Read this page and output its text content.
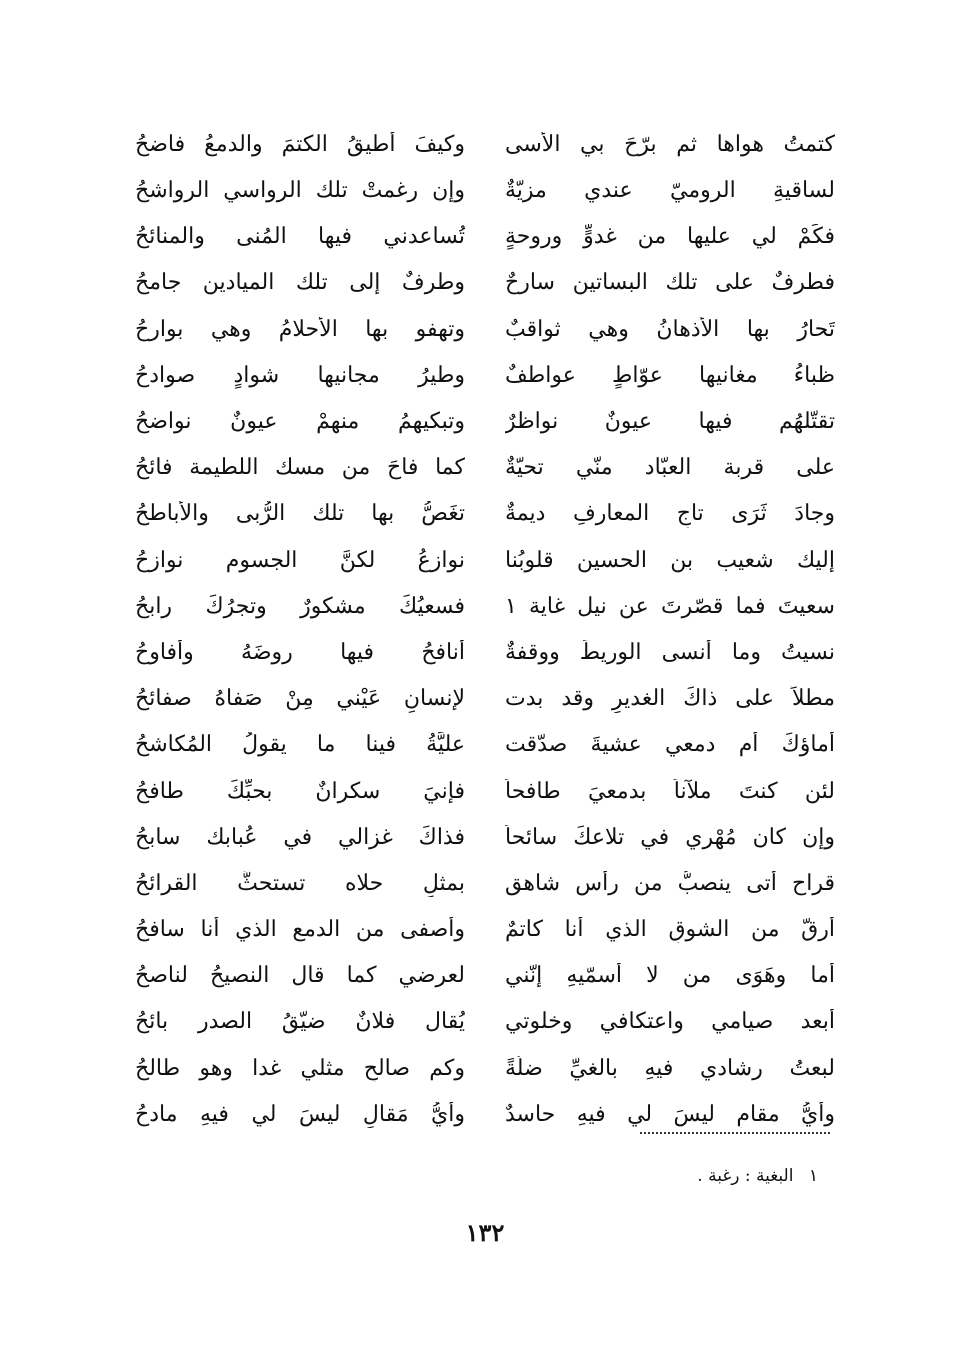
كتمتُ هواها ثم برّحَ بي الأسى
وكيفَ أطيقُ الكتمَ والدمعُ فاضحُ
لساقيةِ الروميّ عندي مزيّةٌ
وإن رغمتْ تلك الرواسي الرواشحُ
فكَمْ لي عليها من غدوٍّ وروحةٍ
تُساعدني فيها المُنى والمنائحُ
فطرفٌ على تلك البساتين سارحٌ
وطرفٌ إلى تلك الميادين جامحُ
تَحارُ بها الأذهانُ وهي ثواقبٌ
وتهفو بها الأحلامُ وهي بوارحُ
ظباءُ مغانيها عوّاطٍ عواطفٌ
وطيرُ مجانيها شوادٍ صوادحُ
تقتّلهُم فيها عيونٌ نواظرٌ
وتبكيهمُ منهمْ عيونٌ نواضحُ
على قربة العبّاد منّي تحيّةٌ
كما فاحَ من مسك اللطيمة فائحُ
وجادَ ثَرَى تاجِ المعارفِ ديمةٌ
تغَصُّ بها تلك الرُّبى والأباطحُ
إليك شعيب بن الحسين قلوبُنا
نوازعُ لكنَّ الجسوم نوازحُ
سعيتَ فما قصّرتَ عن نيل غاية ١
فسعيُكَ مشكورٌ وتجرُكَ رابحُ
نسيتُ وما أنسى الوريطَ ووقفةٌ
أنافحُ فيها روضَهُ وأفاوحُ
مطلاً على ذاكَ الغديرِ وقد بدت
لإنسانِ عَيْني مِنْ صَفاهُ صفائحُ
أماؤكَ أم دمعي عشيةَ صدّقت
عليَّةُ فينا ما يقولُ المُكاشحُ
لئن كنتَ ملآناً بدمعيَ طافحاً
فإنيَ سكرانٌ بحبِّكَ طافحُ
وإن كان مُهْري في تلاعكَ سائحاً
فذاكَ غزالي في عُبابك سابحُ
قراح أتى ينصبُّ من رأس شاهق
بمثلِ حلاه تستحثُّ القرائحُ
أرقّ من الشوقِ الذي أنا كاتمٌ
وأصفى من الدمع الذي أنا سافحُ
أما وهَوَى من لا أسمّيهِ إنّني
لعرضي كما قال النصيحُ لناصحُ
أبعد صيامي واعتكافي وخلوتي
يُقال فلانٌ ضيّقُ الصدر بائحُ
لبعتُ رشادي فيهِ بالغيِّ ضلّةً
وكم صالحٍ مثلي غدا وهو طالحُ
وأيُّ مقامٍ ليسَ لي فيهِ حاسدٌ
وأيُّ مَقالٍ ليسَ لي فيهِ مادحُ
١ البغية : رغبة .
١٣٢
